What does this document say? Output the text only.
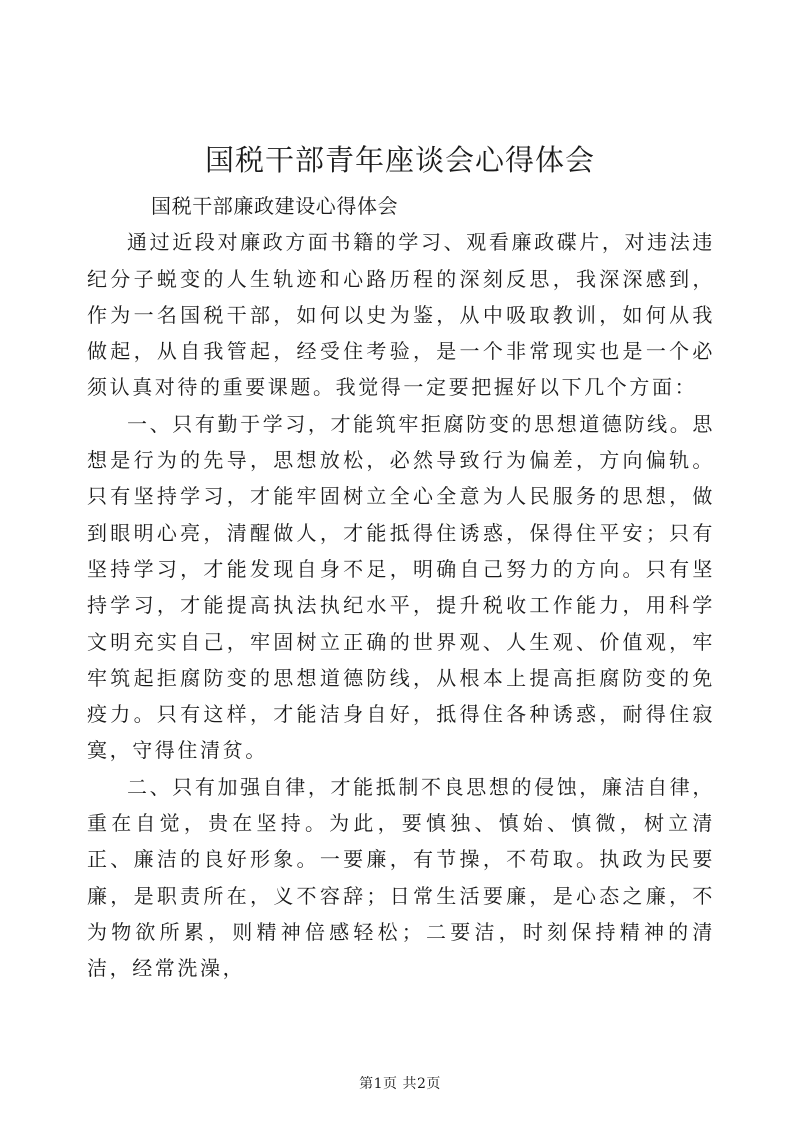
国税干部青年座谈会心得体会

国税干部廉政建设心得体会

通过近段对廉政方面书籍的学习、观看廉政碟片，对违法违纪分子蜕变的人生轨迹和心路历程的深刻反思，我深深感到，作为一名国税干部，如何以史为鉴，从中吸取教训，如何从我做起，从自我管起，经受住考验，是一个非常现实也是一个必须认真对待的重要课题。我觉得一定要把握好以下几个方面：

一、只有勤于学习，才能筑牢拒腐防变的思想道德防线。思想是行为的先导，思想放松，必然导致行为偏差，方向偏轨。只有坚持学习，才能牢固树立全心全意为人民服务的思想，做到眼明心亮，清醒做人，才能抵得住诱惑，保得住平安；只有坚持学习，才能发现自身不足，明确自己努力的方向。只有坚持学习，才能提高执法执纪水平，提升税收工作能力，用科学文明充实自己，牢固树立正确的世界观、人生观、价值观，牢牢筑起拒腐防变的思想道德防线，从根本上提高拒腐防变的免疫力。只有这样，才能洁身自好，抵得住各种诱惑，耐得住寂寞，守得住清贫。

二、只有加强自律，才能抵制不良思想的侵蚀，廉洁自律，重在自觉，贵在坚持。为此，要慎独、慎始、慎微，树立清正、廉洁的良好形象。一要廉，有节操，不苟取。执政为民要廉，是职责所在，义不容辞；日常生活要廉，是心态之廉，不为物欲所累，则精神倍感轻松；二要洁，时刻保持精神的清洁，经常洗澡，

第1页 共2页
